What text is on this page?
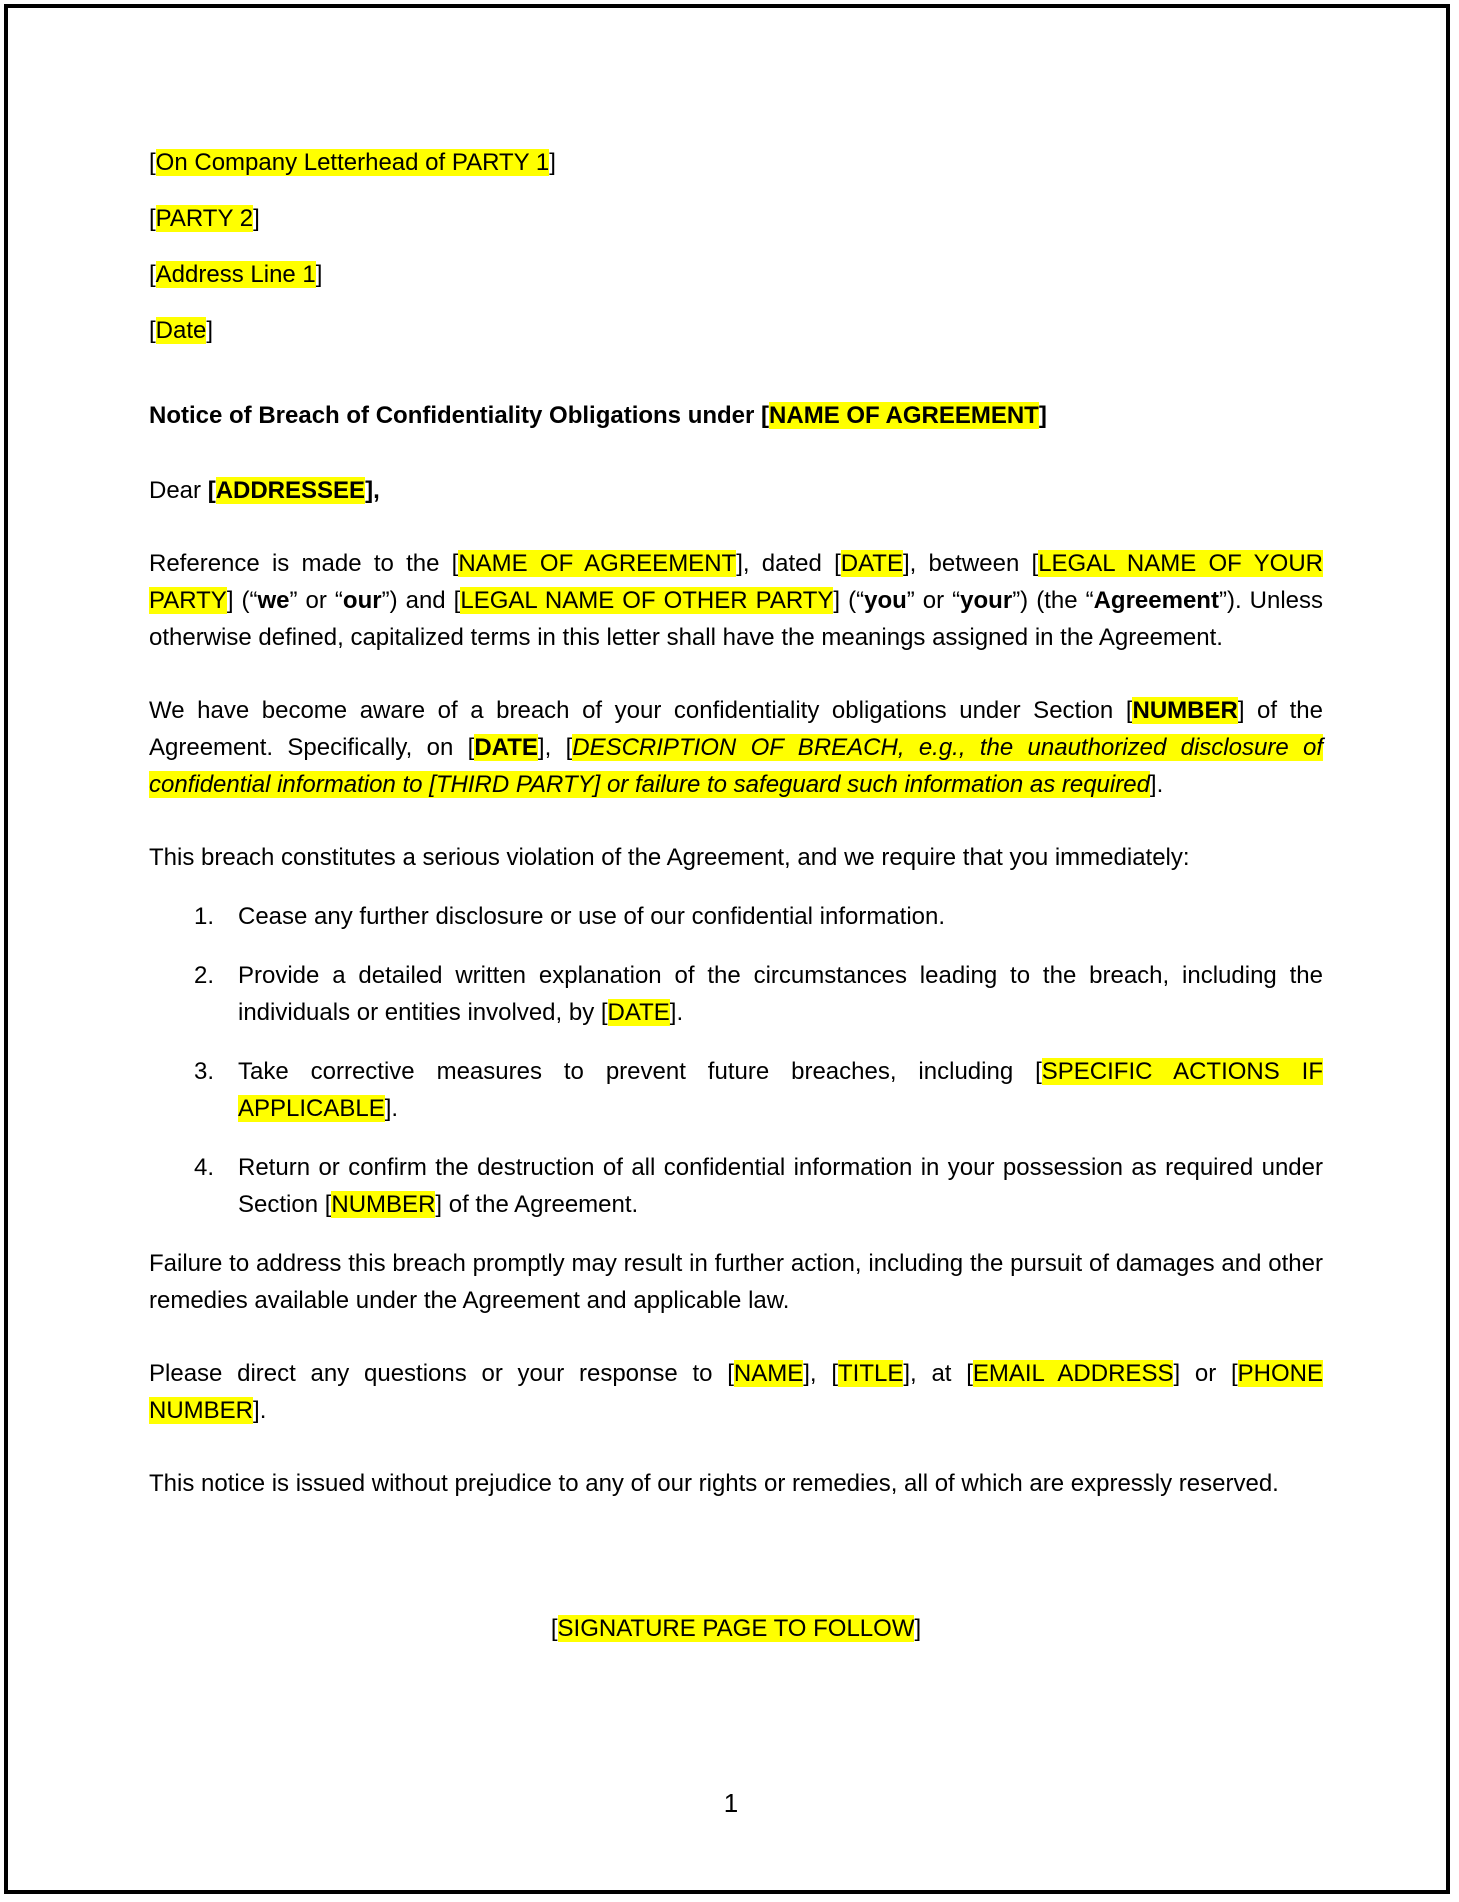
[On Company Letterhead of PARTY 1]

[PARTY 2]

[Address Line 1]

[Date]

Notice of Breach of Confidentiality Obligations under [NAME OF AGREEMENT]

Dear [ADDRESSEE],

Reference is made to the [NAME OF AGREEMENT], dated [DATE], between [LEGAL NAME OF YOUR PARTY] (“we” or “our”) and [LEGAL NAME OF OTHER PARTY] (“you” or “your”) (the “Agreement”). Unless otherwise defined, capitalized terms in this letter shall have the meanings assigned in the Agreement.

We have become aware of a breach of your confidentiality obligations under Section [NUMBER] of the Agreement. Specifically, on [DATE], [DESCRIPTION OF BREACH, e.g., the unauthorized disclosure of confidential information to [THIRD PARTY] or failure to safeguard such information as required].

This breach constitutes a serious violation of the Agreement, and we require that you immediately:

1. Cease any further disclosure or use of our confidential information.
2. Provide a detailed written explanation of the circumstances leading to the breach, including the individuals or entities involved, by [DATE].
3. Take corrective measures to prevent future breaches, including [SPECIFIC ACTIONS IF APPLICABLE].
4. Return or confirm the destruction of all confidential information in your possession as required under Section [NUMBER] of the Agreement.

Failure to address this breach promptly may result in further action, including the pursuit of damages and other remedies available under the Agreement and applicable law.

Please direct any questions or your response to [NAME], [TITLE], at [EMAIL ADDRESS] or [PHONE NUMBER].

This notice is issued without prejudice to any of our rights or remedies, all of which are expressly reserved.

[SIGNATURE PAGE TO FOLLOW]

1
